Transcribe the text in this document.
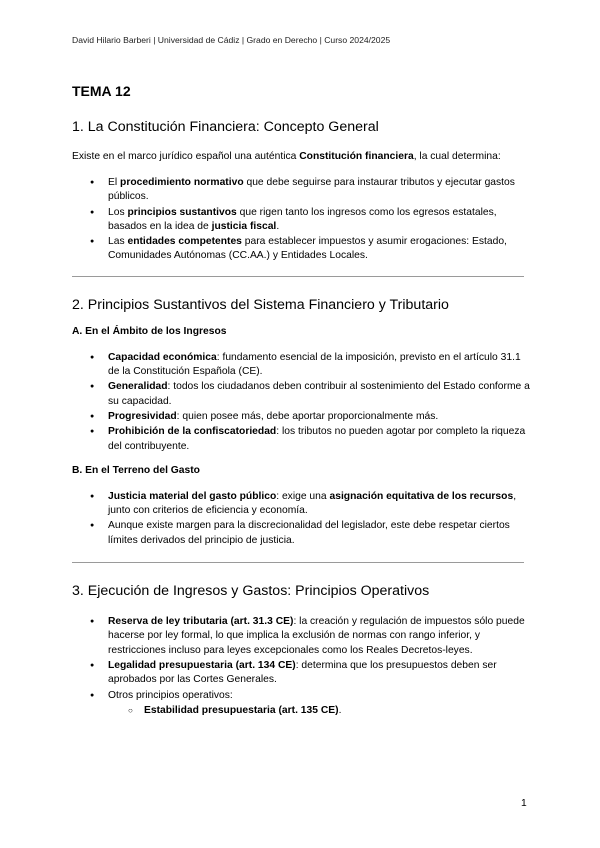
David Hilario Barberi | Universidad de Cádiz | Grado en Derecho | Curso 2024/2025
TEMA 12
1. La Constitución Financiera: Concepto General

Existe en el marco jurídico español una auténtica Constitución financiera, la cual determina:

● El procedimiento normativo que debe seguirse para instaurar tributos y ejecutar gastos públicos.
● Los principios sustantivos que rigen tanto los ingresos como los egresos estatales, basados en la idea de justicia fiscal.
● Las entidades competentes para establecer impuestos y asumir erogaciones: Estado, Comunidades Autónomas (CC.AA.) y Entidades Locales.
2. Principios Sustantivos del Sistema Financiero y Tributario
A. En el Ámbito de los Ingresos
● Capacidad económica: fundamento esencial de la imposición, previsto en el artículo 31.1 de la Constitución Española (CE).
● Generalidad: todos los ciudadanos deben contribuir al sostenimiento del Estado conforme a su capacidad.
● Progresividad: quien posee más, debe aportar proporcionalmente más.
● Prohibición de la confiscatoriedad: los tributos no pueden agotar por completo la riqueza del contribuyente.
B. En el Terreno del Gasto
● Justicia material del gasto público: exige una asignación equitativa de los recursos, junto con criterios de eficiencia y economía.
● Aunque existe margen para la discrecionalidad del legislador, este debe respetar ciertos límites derivados del principio de justicia.
3. Ejecución de Ingresos y Gastos: Principios Operativos
● Reserva de ley tributaria (art. 31.3 CE): la creación y regulación de impuestos sólo puede hacerse por ley formal, lo que implica la exclusión de normas con rango inferior, y restricciones incluso para leyes excepcionales como los Reales Decretos-leyes.
● Legalidad presupuestaria (art. 134 CE): determina que los presupuestos deben ser aprobados por las Cortes Generales.
● Otros principios operativos:
○ Estabilidad presupuestaria (art. 135 CE).
1
